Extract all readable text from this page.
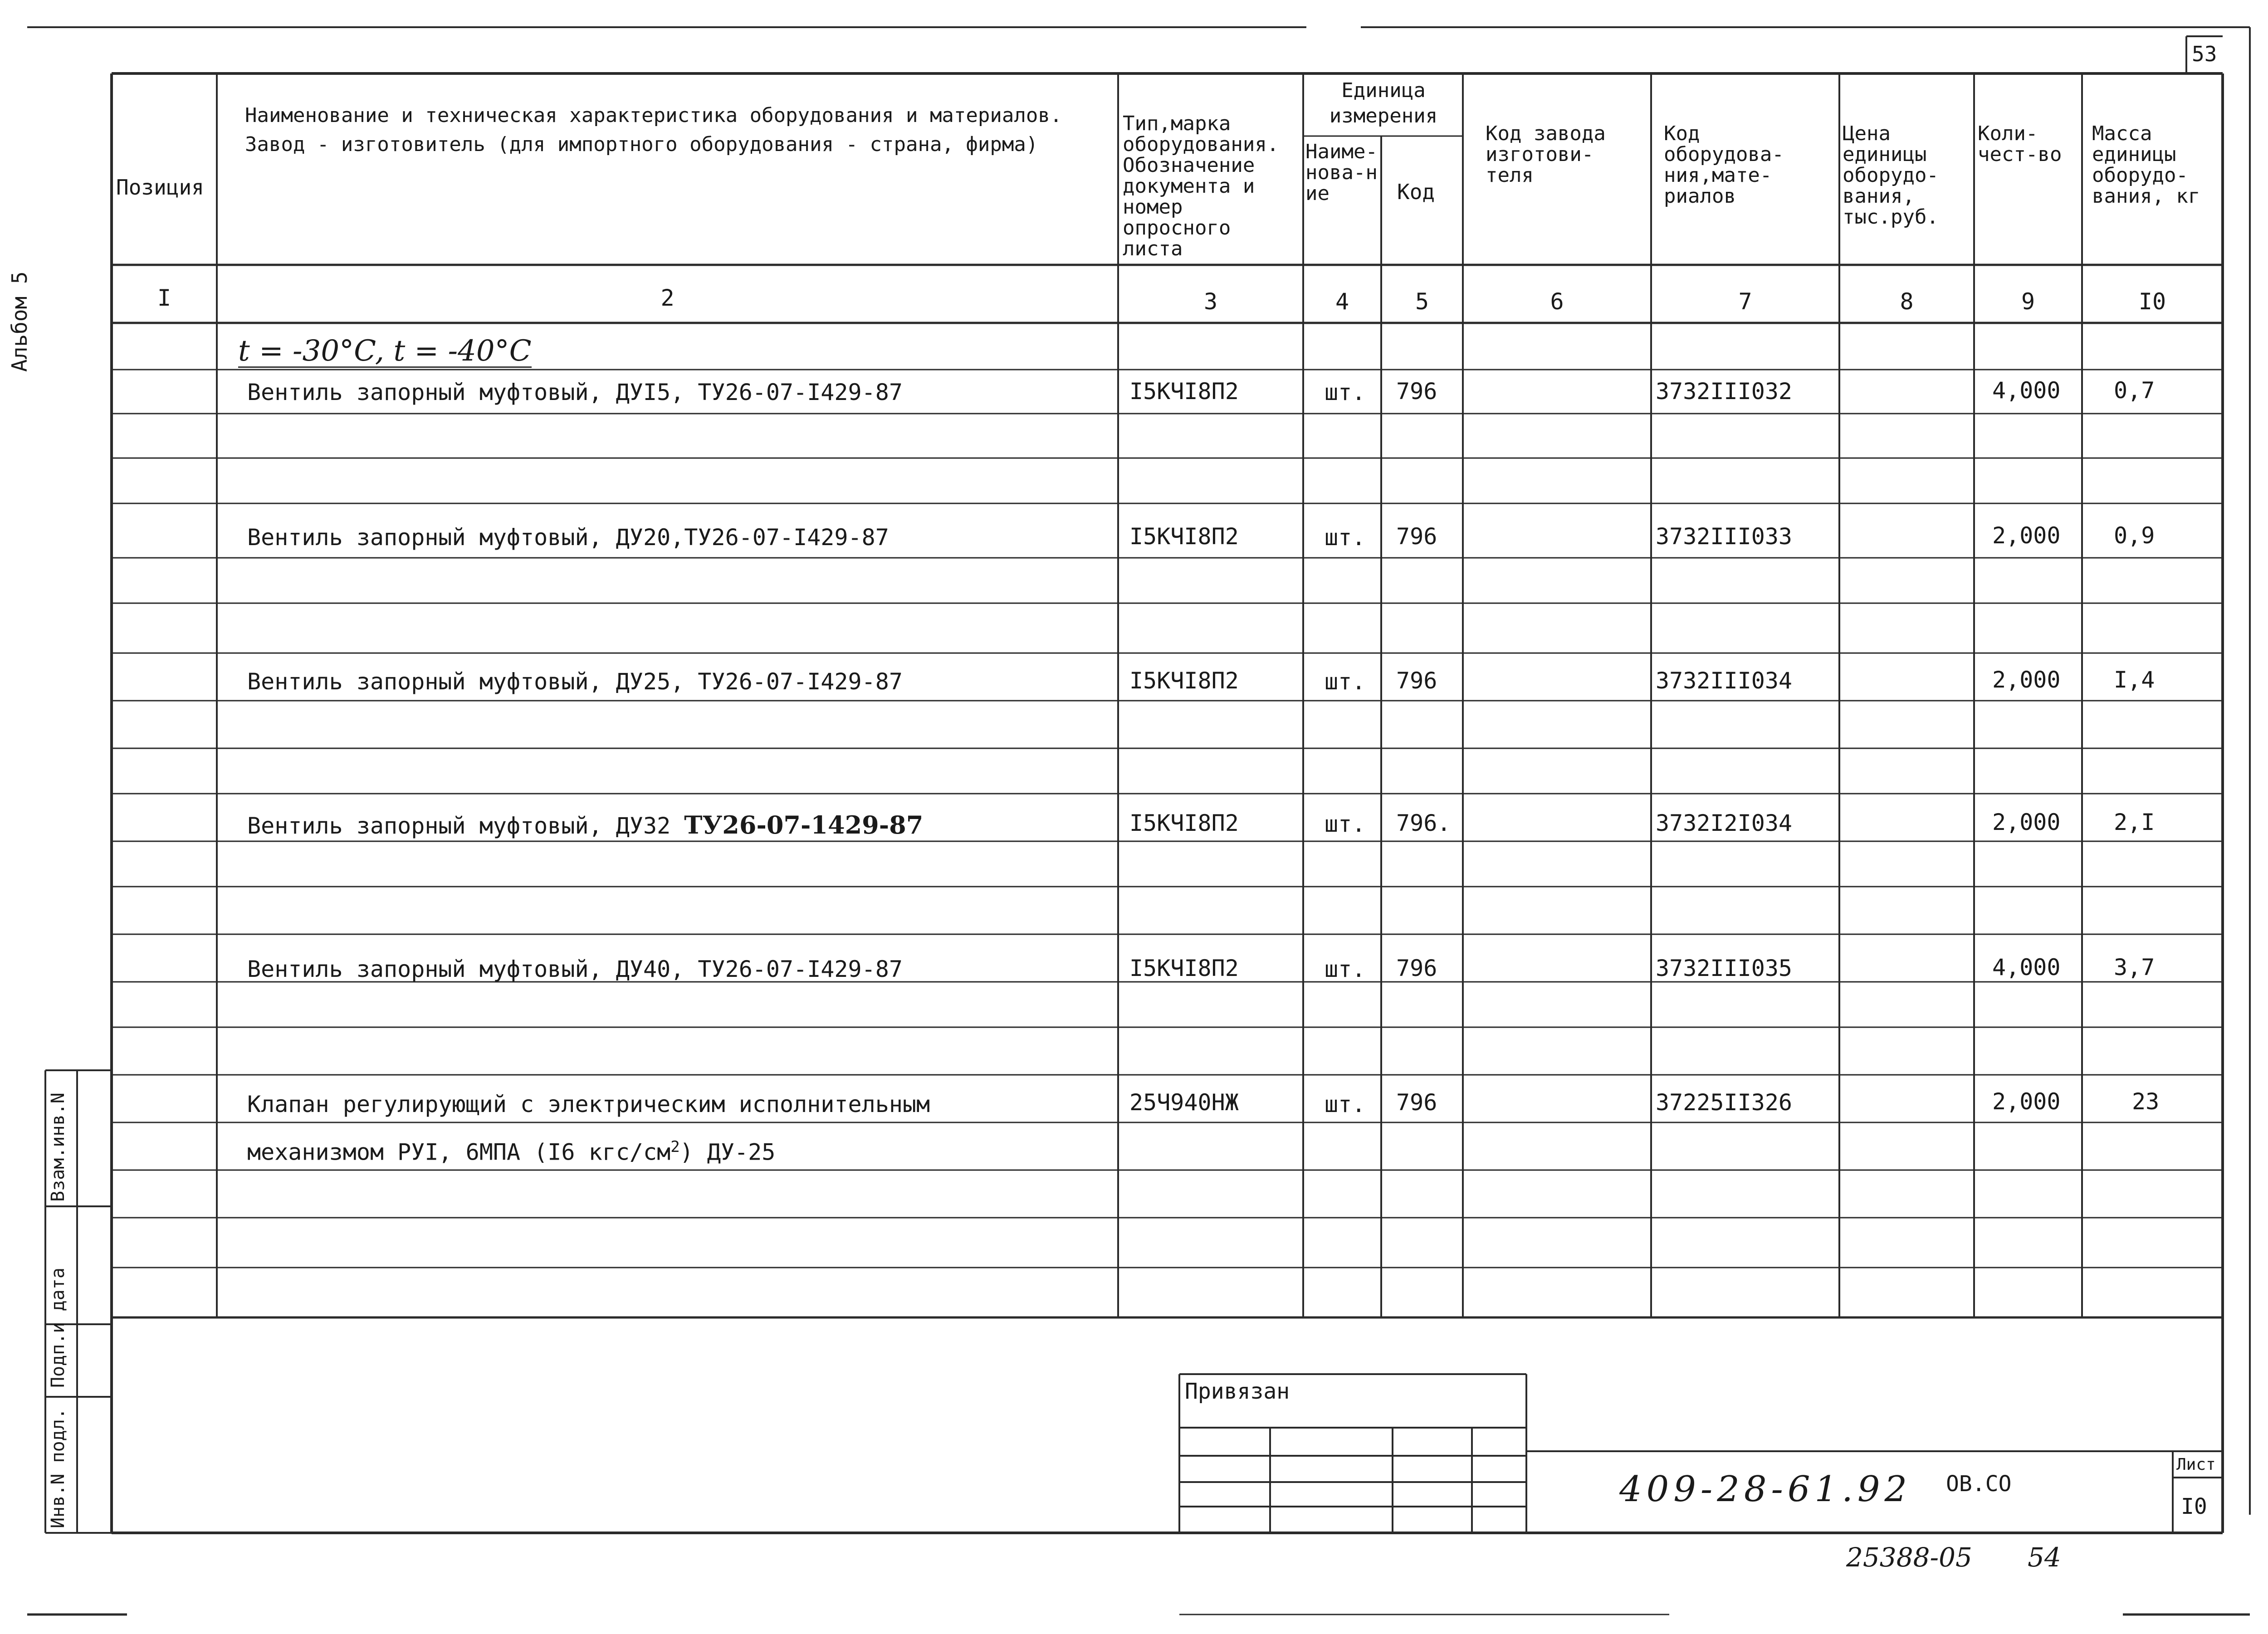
53
Альбом 5
Позиция
Наименование и техническая характеристика оборудования и материалов.
Завод - изготовитель (для импортного оборудования - страна, фирма)
Тип,марка оборудования. Обозначение документа и номер опросного листа
Единица измерения
Наиме-нова-ние	Код
Код завода изготови-теля
Код оборудова-ния,мате-риалов
Цена единицы оборудо-вания, тыс.руб.
Коли-чест-во
Масса единицы оборудо-вания, кг
I	2	3	4	5	6	7	8	9	I0
t = -30°C, t = -40°C
Вентиль запорный муфтовый, ДУI5, ТУ26-07-I429-87	I5КЧI8П2	шт. 796	3732III032	4,000 0,7
Вентиль запорный муфтовый, ДУ20,ТУ26-07-I429-87	I5КЧI8П2	шт. 796	3732III033	2,000 0,9
Вентиль запорный муфтовый, ДУ25, ТУ26-07-I429-87	I5КЧI8П2	шт. 796	3732III034	2,000 I,4
Вентиль запорный муфтовый, ДУ32 ТУ26-07-1429-87	I5КЧI8П2	шт. 796.	3732I2I034	2,000 2,I
Вентиль запорный муфтовый, ДУ40, ТУ26-07-I429-87	I5КЧI8П2	шт. 796	3732III035	4,000 3,7
Клапан регулирующий с электрическим исполнительным
механизмом РУI, 6МПА (I6 кгс/$см^2$) ДУ-25
25Ч940НЖ	шт. 796	37225II326	2,000	23
Взам.инв.N
Подп.и дата
Инв.N подл.
Привязан
409-28-61.92 ОВ.СО
Лист
I0
25388-05 54
